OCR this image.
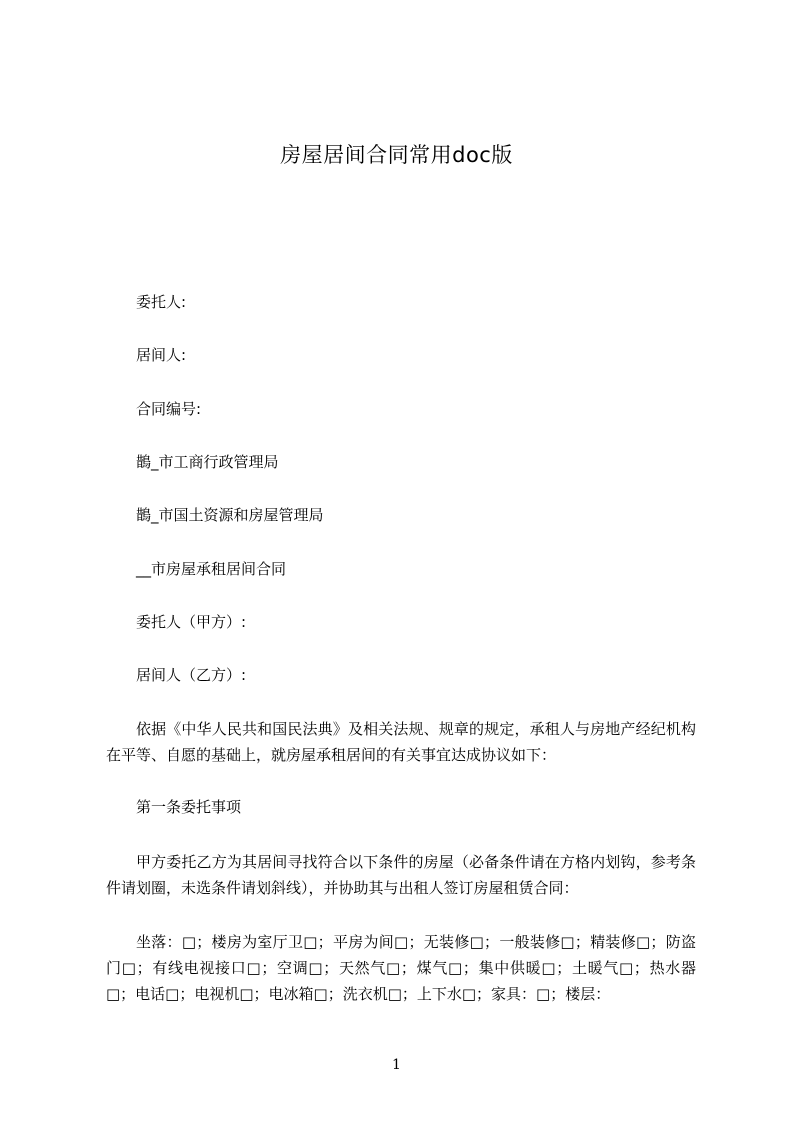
房屋居间合同常用doc版
委托人:
居间人:
合同编号:
鵲_市工商行政管理局
鵲_市国土资源和房屋管理局
__市房屋承租居间合同
委托人（甲方）:
居间人（乙方）:
依据《中华人民共和国民法典》及相关法规、规章的规定，承租人与房地产经纪机构在平等、自愿的基础上，就房屋承租居间的有关事宜达成协议如下：
第一条委托事项
甲方委托乙方为其居间寻找符合以下条件的房屋（必备条件请在方格内划钩，参考条件请划圈，未选条件请划斜线），并协助其与出租人签订房屋租赁合同：
坐落：□；楼房为室厅卫□；平房为间□；无装修□；一般装修□；精装修□；防盗门□；有线电视接口□；空调□；天然气□；煤气□；集中供暖□；土暖气□；热水器□；电话□；电视机□；电冰箱□；洗衣机□；上下水□；家具：□；楼层：
1
